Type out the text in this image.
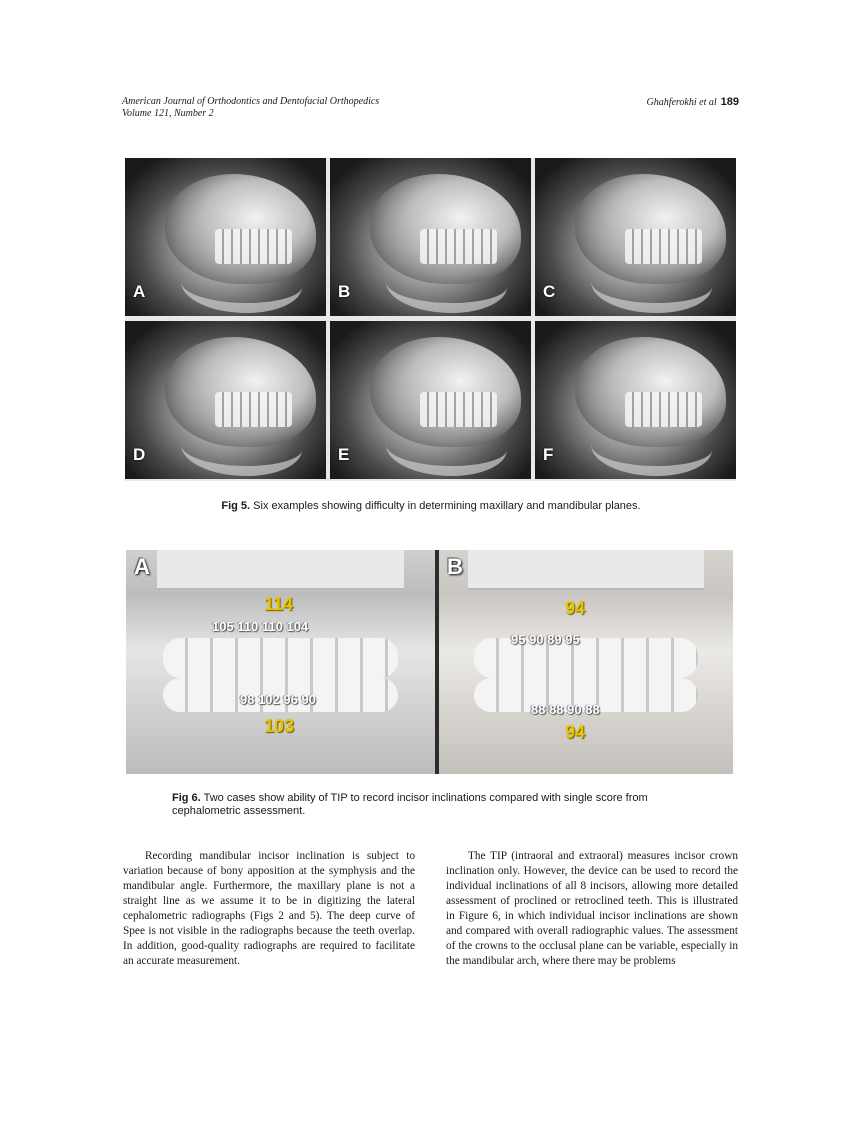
American Journal of Orthodontics and Dentofacial Orthopedics
Volume 121, Number 2
Ghahferokhi et al 189
A	B	C
D	E	F
Fig 5. Six examples showing difficulty in determining maxillary and mandibular planes.
A
114
105 110 110 104
98 102 96 90
103
B
94
95 90 89 95
88 88 90 88
94
Fig 6. Two cases show ability of TIP to record incisor inclinations compared with single score from cephalometric assessment.

Recording mandibular incisor inclination is subject to variation because of bony apposition at the symphysis and the mandibular angle. Furthermore, the maxillary plane is not a straight line as we assume it to be in digitizing the lateral cephalometric radiographs (Figs 2 and 5). The deep curve of Spee is not visible in the radiographs because the teeth overlap. In addition, good-quality radiographs are required to facilitate an accurate measurement.

The TIP (intraoral and extraoral) measures incisor crown inclination only. However, the device can be used to record the individual inclinations of all 8 incisors, allowing more detailed assessment of proclined or retroclined teeth. This is illustrated in Figure 6, in which individual incisor inclinations are shown and compared with overall radiographic values. The assessment of the crowns to the occlusal plane can be variable, especially in the mandibular arch, where there may be problems
